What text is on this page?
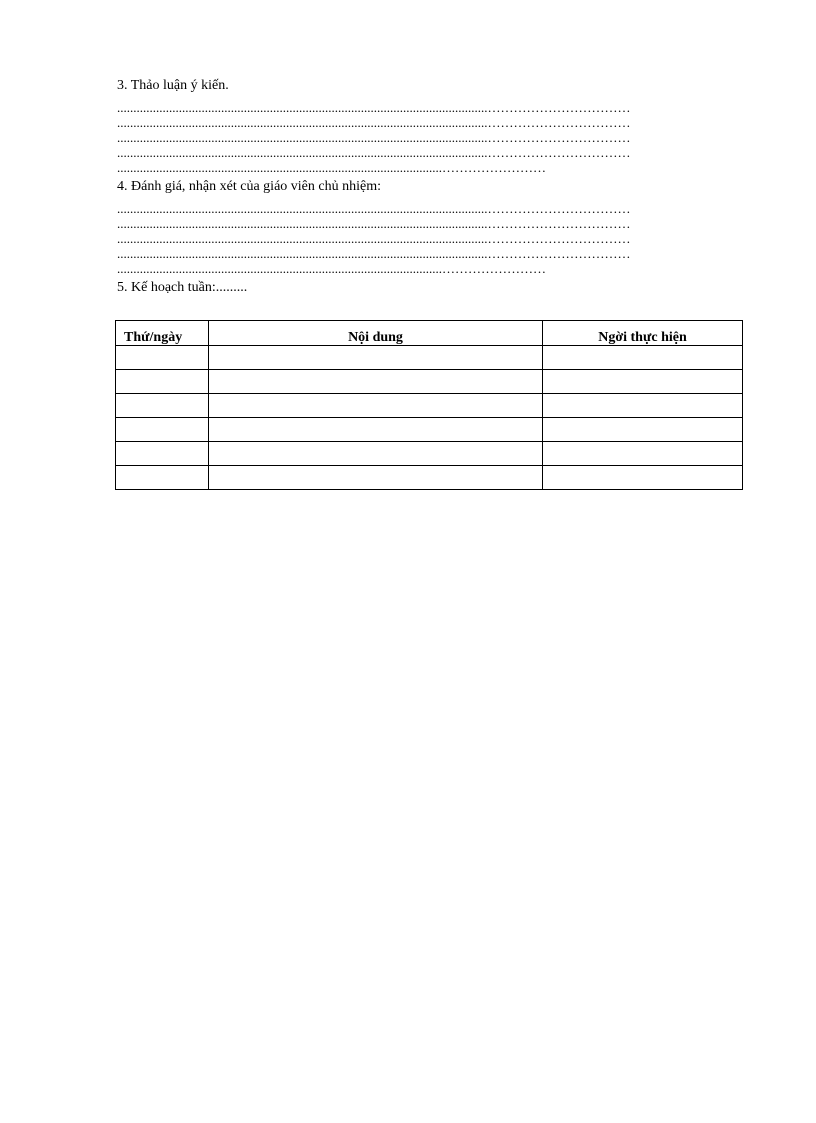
3. Thảo luận ý kiến.

..................................................................................................................……………………………
..................................................................................................................……………………………
..................................................................................................................……………………………
..................................................................................................................……………………………
....................................................................................................……………………

4. Đánh giá, nhận xét của giáo viên chủ nhiệm:

..................................................................................................................……………………………
..................................................................................................................……………………………
..................................................................................................................……………………………
..................................................................................................................……………………………
....................................................................................................……………………

5. Kế hoạch tuần:.........

Thứ/ngày	Nội dung	Ngời thực hiện
